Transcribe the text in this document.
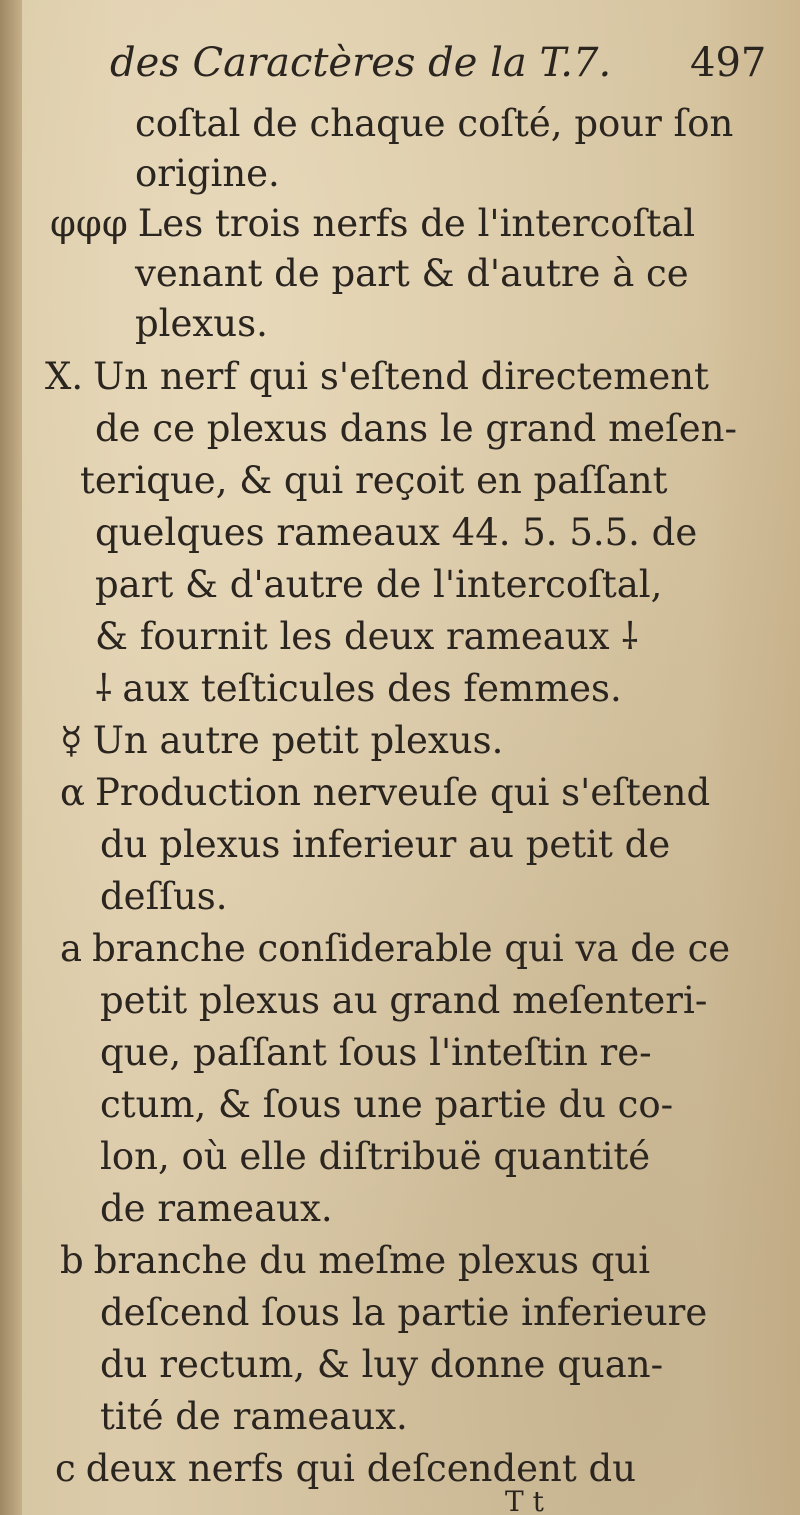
des Caractères de la T.7. 497
coſtal de chaque coſté, pour ſon
origine.
φφφ Les trois nerfs de l'intercoſtal
venant de part & d'autre à ce
plexus.
X. Un nerf qui s'eſtend directement
de ce plexus dans le grand meſen-
terique, & qui reçoit en paſſant
quelques rameaux 44. 5. 5.5. de
part & d'autre de l'intercoſtal,
& fournit les deux rameaux ⸸
⸸ aux teſticules des femmes.
☿ Un autre petit plexus.
α Production nerveuſe qui s'eſtend
du plexus inferieur au petit de
deſſus.
a branche conſiderable qui va de ce
petit plexus au grand meſenteri-
que, paſſant ſous l'inteſtin re-
ctum, & ſous une partie du co-
lon, où elle diſtribuë quantité
de rameaux.
b branche du meſme plexus qui
deſcend ſous la partie inferieure
du rectum, & luy donne quan-
tité de rameaux.
c deux nerfs qui deſcendent du
T t
